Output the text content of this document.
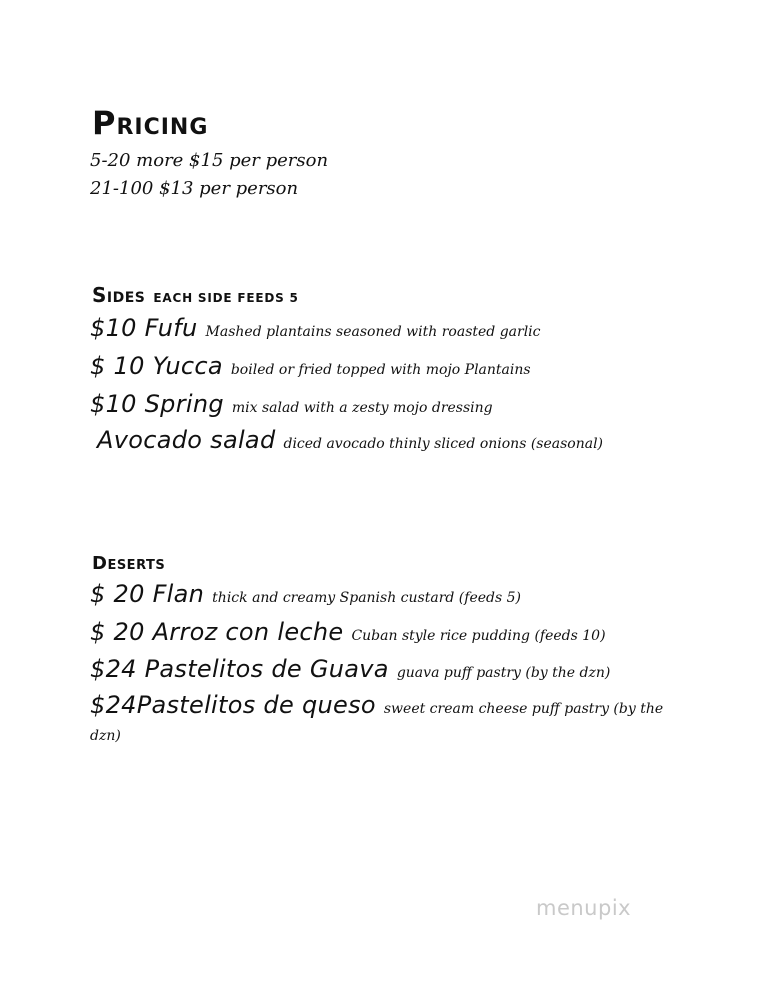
Pricing
5-20 more $15 per person
21-100 $13 per person
Sides EACH SIDE FEEDS 5
$10 Fufu Mashed plantains seasoned with roasted garlic
$ 10 Yucca boiled or fried topped with mojo Plantains
$10 Spring mix salad with a zesty mojo dressing
Avocado salad diced avocado thinly sliced onions (seasonal)
Deserts
$ 20 Flan thick and creamy Spanish custard (feeds 5)
$ 20 Arroz con leche Cuban style rice pudding (feeds 10)
$24 Pastelitos de Guava guava puff pastry (by the dzn)
$24Pastelitos de queso sweet cream cheese puff pastry (by the dzn)
menupix
